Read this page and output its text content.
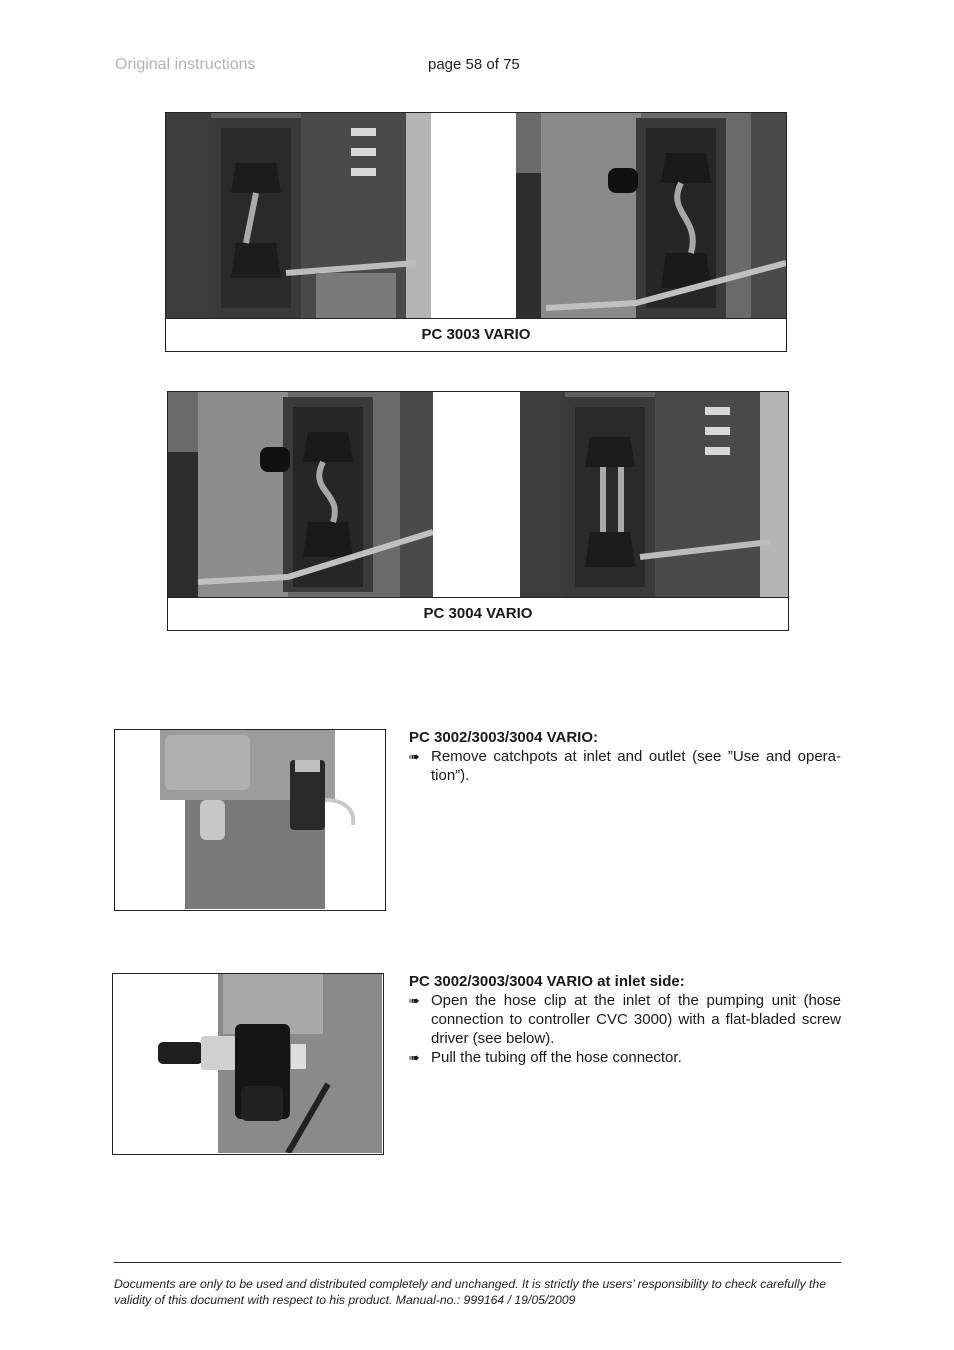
Original instructions	page 58 of 75
PC 3003 VARIO
PC 3004 VARIO
PC 3002/3003/3004 VARIO:
➠ Remove catchpots at inlet and outlet (see ”Use and opera-tion”).
PC 3002/3003/3004 VARIO at inlet side:
➠ Open the hose clip at the inlet of the pumping unit (hose connection to controller CVC 3000) with a flat-bladed screw driver (see below).
➠ Pull the tubing off the hose connector.
Documents are only to be used and distributed completely and unchanged. It is strictly the users’ responsibility to check carefully the validity of this document with respect to his product. Manual-no.: 999164 / 19/05/2009
